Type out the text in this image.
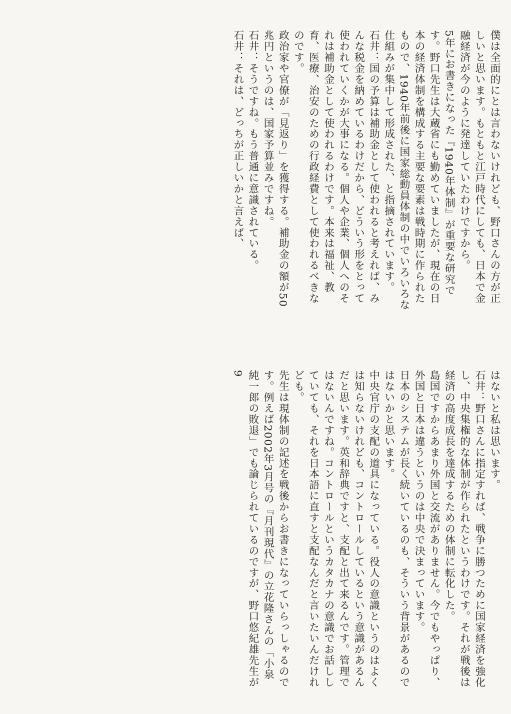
僕は全面的にとは言わないけれども、野口さんの方が正しいと思います。もともと江戸時代にしても、日本で金融経済が今のように発達していたわけですから。

5年にお書きになった『1940年体制』が重要な研究です。野口先生は大蔵省にも勤めていましたが、現在の日本の経済体制を構成する主要な要素は戦時期に作られたもので、1940年前後に国家総動員体制の中でいろいろな仕組みが集中して形成された、と指摘されています。

石井：国の予算は補助金として使われると考えれば、みんな税金を納めているわけだから、どういう形をとって使われていくかが大事になる。個人や企業、個人へのそれは補助金として使われるわけです。本来は福祉、教育、医療、治安のための行政経費として使われるべきなのです。

政治家や官僚が「見返り」を獲得する。補助金の額が50兆円というのは、国家予算並みですね。

石井：そうですね。もう普通に意識されている。

石井：それは、どっちが正しいかと言えば、

はないと私は思います。

石井：野口さんに指定すれば、戦争に勝つために国家経済を強化し、中央集権的な体制が作られたというわけです。それが戦後は経済の高度成長を達成するための体制に転化した。

島国ですからあまり外国と交流がありません。今でもやっぱり、外国と日本は違うというのは中央で決まっています。

日本のシステムが長く続いているのも、そういう背景があるのではないかと思います。

中央官庁の支配の道具になっている。役人の意識というのはよくは知らないけれども、コントロールしているという意識があるんだと思います。英和辞典ですと、支配と出て来るんです。管理ではないんですね。コントロールというカタカナの意識でお話ししていても、それを日本語に直すと支配なんだと言いたいんだけれども。

先生は現体制の記述を戦後からお書きになっていらっしゃるのです。例えば2002年3月号の『月刊現代』の立花隆さんの「小泉純一郎の敗退」でも論じられているのですが、野口悠紀雄先生が9
